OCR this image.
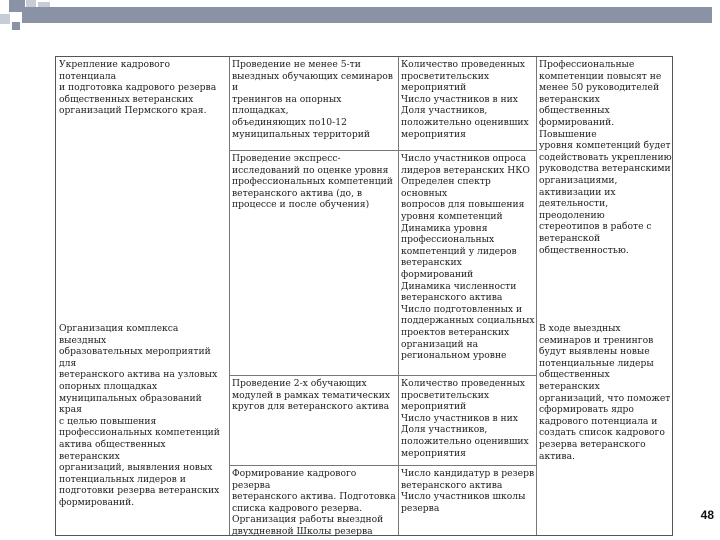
Укрепление кадрового потенциала
и подготовка кадрового резерва
общественных ветеранских
организаций Пермского края.
Организация комплекса выездных
образовательных мероприятий для
ветеранского актива на узловых
опорных площадках
муниципальных образований края
с целью повышения
профессиональных компетенций
актива общественных ветеранских
организаций, выявления новых
потенциальных лидеров и
подготовки резерва ветеранских
формирований.
Проведение не менее 5-ти
выездных обучающих семинаров и
тренингов на опорных площадках,
объединяющих по10-12
муниципальных территорий
Проведение экспресс-
исследований по оценке уровня
профессиональных компетенций
ветеранского актива (до, в
процессе и после обучения)
Проведение 2-х обучающих
модулей в рамках тематических
кругов для ветеранского актива
Формирование кадрового резерва
ветеранского актива. Подготовка
списка кадрового резерва.
Организация работы выездной
двухдневной Школы резерва
Количество проведенных
просветительских
мероприятий
Число участников в них
Доля участников,
положительно оценивших
мероприятия
Число участников опроса
лидеров ветеранских НКО
Определен спектр основных
вопросов для повышения
уровня компетенций
Динамика уровня
профессиональных
компетенций у лидеров
ветеранских формирований
Динамика численности
ветеранского актива
Число подготовленных и
поддержанных социальных
проектов ветеранских
организаций на
региональном уровне
Количество проведенных
просветительских
мероприятий
Число участников в них
Доля участников,
положительно оценивших
мероприятия
Число кандидатур в резерв
ветеранского актива
Число участников школы
резерва
Профессиональные
компетенции повысят не
менее 50 руководителей
ветеранских общественных
формирований. Повышение
уровня компетенций будет
содействовать укреплению
руководства ветеранскими
организациями,
активизации их
деятельности, преодолению
стереотипов в работе с
ветеранской
общественностью.
В ходе выездных
семинаров и тренингов
будут выявлены новые
потенциальные лидеры
общественных ветеранских
организаций, что поможет
сформировать ядро
кадрового потенциала и
создать список кадрового
резерва ветеранского актива.
48
